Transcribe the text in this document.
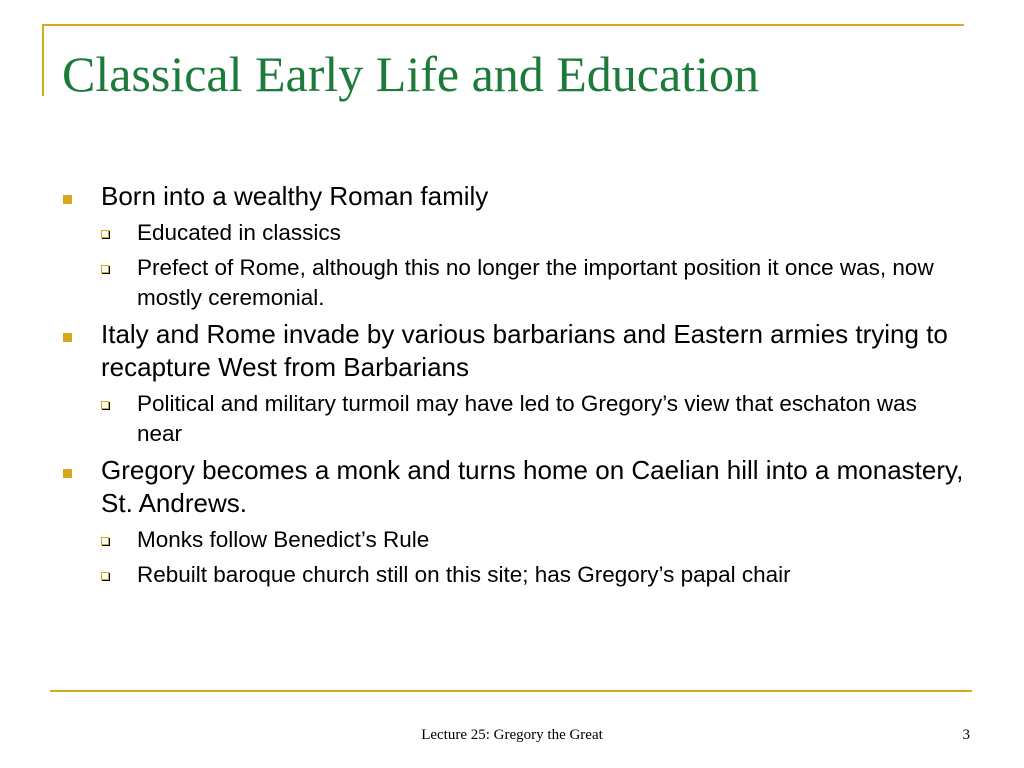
Classical Early Life and Education
Born into a wealthy Roman family
Educated in classics
Prefect of Rome, although this no longer the important position it once was, now mostly ceremonial.
Italy and Rome invade by various barbarians and Eastern armies trying to recapture West from Barbarians
Political and military turmoil may have led to Gregory’s view that eschaton was near
Gregory becomes a monk and turns home on Caelian hill into a monastery, St. Andrews.
Monks follow Benedict’s Rule
Rebuilt baroque church still on this site; has Gregory’s papal chair
Lecture 25: Gregory the Great	3
